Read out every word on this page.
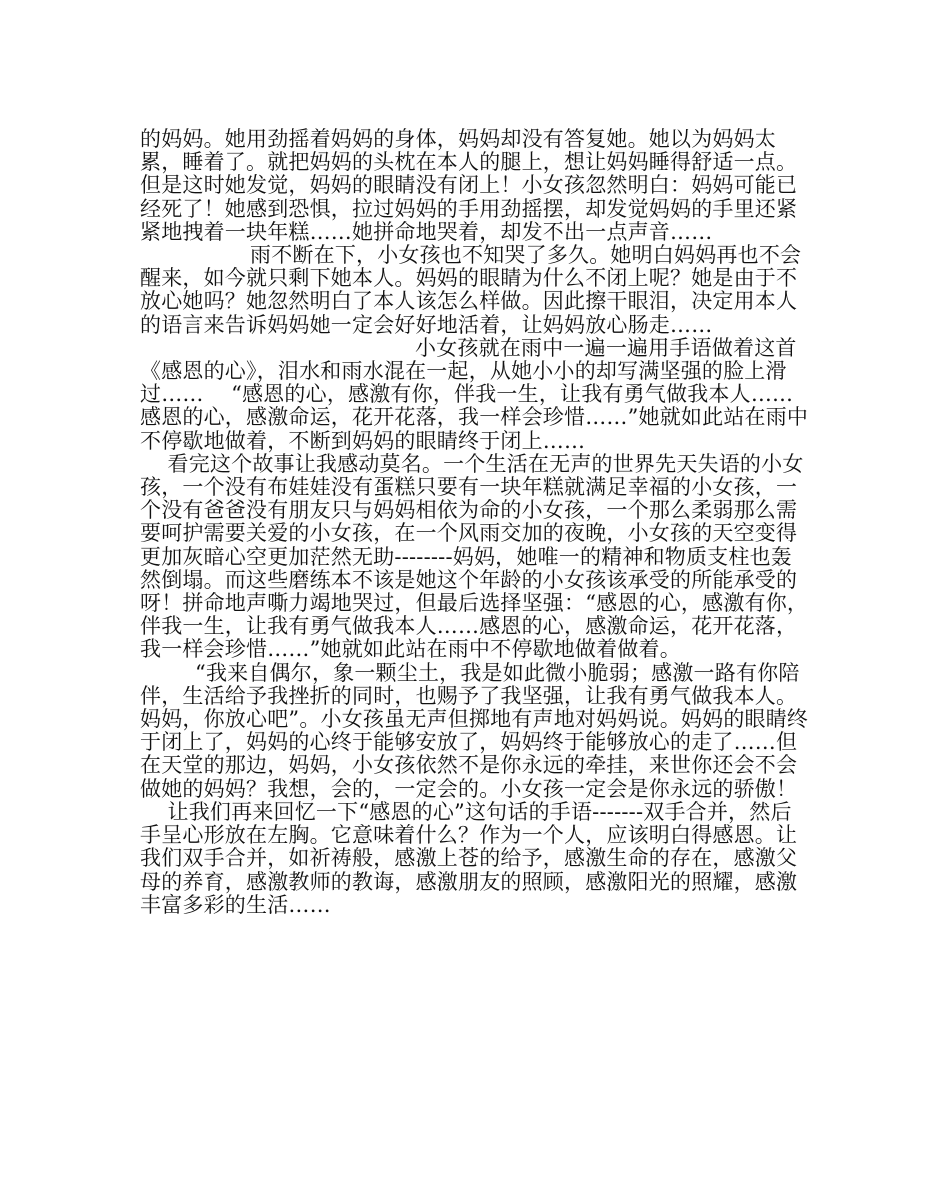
的妈妈。她用劲摇着妈妈的身体，妈妈却没有答复她。她以为妈妈太累，睡着了。就把妈妈的头枕在本人的腿上，想让妈妈睡得舒适一点。但是这时她发觉，妈妈的眼睛没有闭上！小女孩忽然明白：妈妈可能已经死了！她感到恐惧，拉过妈妈的手用劲摇摆，却发觉妈妈的手里还紧紧地拽着一块年糕……她拼命地哭着，却发不出一点声音……

雨不断在下，小女孩也不知哭了多久。她明白妈妈再也不会醒来，如今就只剩下她本人。妈妈的眼睛为什么不闭上呢？她是由于不放心她吗？她忽然明白了本人该怎么样做。因此擦干眼泪，决定用本人的语言来告诉妈妈她一定会好好地活着，让妈妈放心肠走……

小女孩就在雨中一遍一遍用手语做着这首《感恩的心》，泪水和雨水混在一起，从她小小的却写满坚强的脸上滑过……    “感恩的心，感激有你，伴我一生，让我有勇气做我本人……感恩的心，感激命运，花开花落，我一样会珍惜……”她就如此站在雨中不停歇地做着，不断到妈妈的眼睛终于闭上……

看完这个故事让我感动莫名。一个生活在无声的世界先天失语的小女孩，一个没有布娃娃没有蛋糕只要有一块年糕就满足幸福的小女孩，一个没有爸爸没有朋友只与妈妈相依为命的小女孩，一个那么柔弱那么需要呵护需要关爱的小女孩，在一个风雨交加的夜晚，小女孩的天空变得更加灰暗心空更加茫然无助--------妈妈，她唯一的精神和物质支柱也轰然倒塌。而这些磨练本不该是她这个年龄的小女孩该承受的所能承受的呀！拼命地声嘶力竭地哭过，但最后选择坚强：“感恩的心，感激有你，伴我一生，让我有勇气做我本人……感恩的心，感激命运，花开花落，我一样会珍惜……”她就如此站在雨中不停歇地做着做着。

“我来自偶尔，象一颗尘土，我是如此微小脆弱；感激一路有你陪伴，生活给予我挫折的同时，也赐予了我坚强，让我有勇气做我本人。妈妈，你放心吧”。小女孩虽无声但掷地有声地对妈妈说。妈妈的眼睛终于闭上了，妈妈的心终于能够安放了，妈妈终于能够放心的走了……但在天堂的那边，妈妈，小女孩依然不是你永远的牵挂，来世你还会不会做她的妈妈？我想，会的，一定会的。小女孩一定会是你永远的骄傲！

让我们再来回忆一下“感恩的心”这句话的手语-------双手合并，然后手呈心形放在左胸。它意味着什么？作为一个人，应该明白得感恩。让我们双手合并，如祈祷般，感激上苍的给予，感激生命的存在，感激父母的养育，感激教师的教诲，感激朋友的照顾，感激阳光的照耀，感激丰富多彩的生活……
